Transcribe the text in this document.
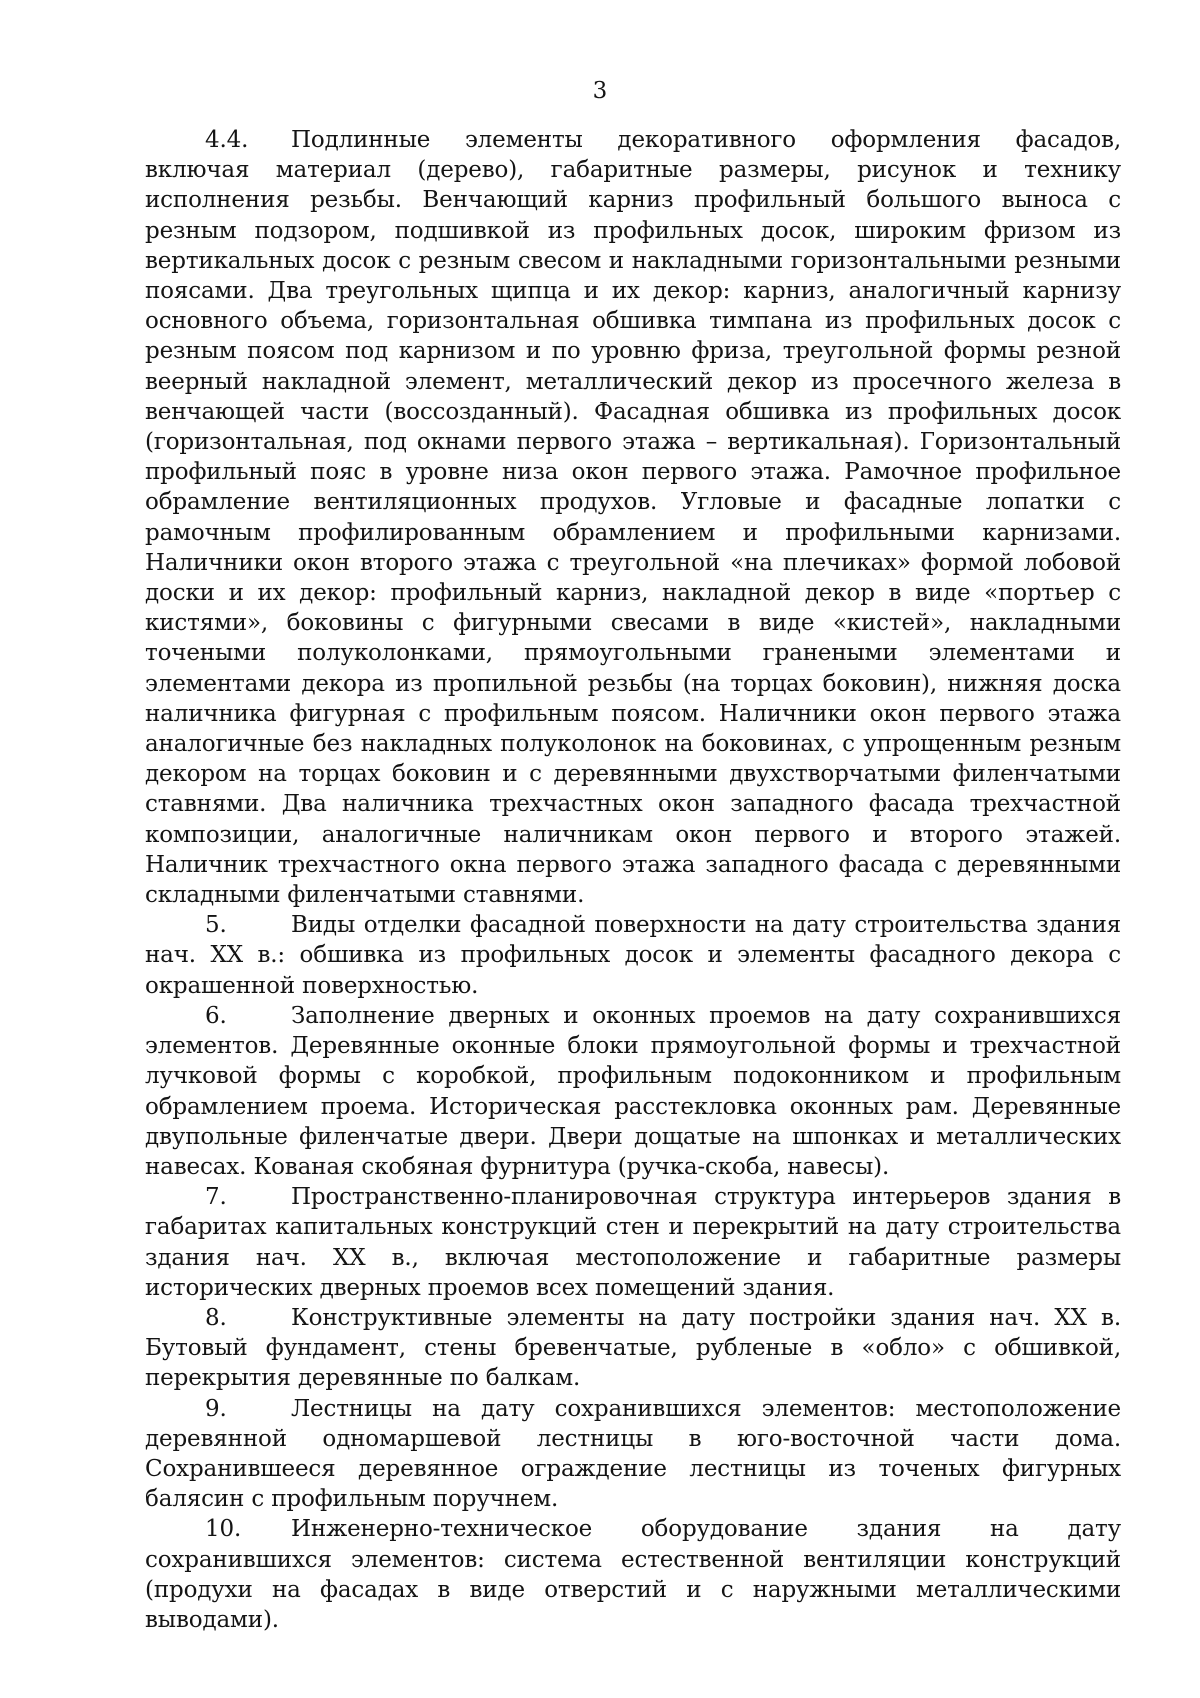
3

4.4. Подлинные элементы декоративного оформления фасадов, включая материал (дерево), габаритные размеры, рисунок и технику исполнения резьбы. Венчающий карниз профильный большого выноса с резным подзором, подшивкой из профильных досок, широким фризом из вертикальных досок с резным свесом и накладными горизонтальными резными поясами. Два треугольных щипца и их декор: карниз, аналогичный карнизу основного объема, горизонтальная обшивка тимпана из профильных досок с резным поясом под карнизом и по уровню фриза, треугольной формы резной веерный накладной элемент, металлический декор из просечного железа в венчающей части (воссозданный). Фасадная обшивка из профильных досок (горизонтальная, под окнами первого этажа – вертикальная). Горизонтальный профильный пояс в уровне низа окон первого этажа. Рамочное профильное обрамление вентиляционных продухов. Угловые и фасадные лопатки с рамочным профилированным обрамлением и профильными карнизами. Наличники окон второго этажа с треугольной «на плечиках» формой лобовой доски и их декор: профильный карниз, накладной декор в виде «портьер с кистями», боковины с фигурными свесами в виде «кистей», накладными точеными полуколонками, прямоугольными гранеными элементами и элементами декора из пропильной резьбы (на торцах боковин), нижняя доска наличника фигурная с профильным поясом. Наличники окон первого этажа аналогичные без накладных полуколонок на боковинах, с упрощенным резным декором на торцах боковин и с деревянными двухстворчатыми филенчатыми ставнями. Два наличника трехчастных окон западного фасада трехчастной композиции, аналогичные наличникам окон первого и второго этажей. Наличник трехчастного окна первого этажа западного фасада с деревянными складными филенчатыми ставнями.

5.	Виды отделки фасадной поверхности на дату строительства здания нач. XX в.: обшивка из профильных досок и элементы фасадного декора с окрашенной поверхностью.

6.	Заполнение дверных и оконных проемов на дату сохранившихся элементов. Деревянные оконные блоки прямоугольной формы и трехчастной лучковой формы с коробкой, профильным подоконником и профильным обрамлением проема. Историческая расстекловка оконных рам. Деревянные двупольные филенчатые двери. Двери дощатые на шпонках и металлических навесах. Кованая скобяная фурнитура (ручка-скоба, навесы).

7.	Пространственно-планировочная структура интерьеров здания в габаритах капитальных конструкций стен и перекрытий на дату строительства здания нач. XX в., включая местоположение и габаритные размеры исторических дверных проемов всех помещений здания.

8.	Конструктивные элементы на дату постройки здания нач. XX в. Бутовый фундамент, стены бревенчатые, рубленые в «обло» с обшивкой, перекрытия деревянные по балкам.

9.	Лестницы на дату сохранившихся элементов: местоположение деревянной одномаршевой лестницы в юго-восточной части дома. Сохранившееся деревянное ограждение лестницы из точеных фигурных балясин с профильным поручнем.

10. Инженерно-техническое оборудование здания на дату сохранившихся элементов: система естественной вентиляции конструкций (продухи на фасадах в виде отверстий и с наружными металлическими выводами).
